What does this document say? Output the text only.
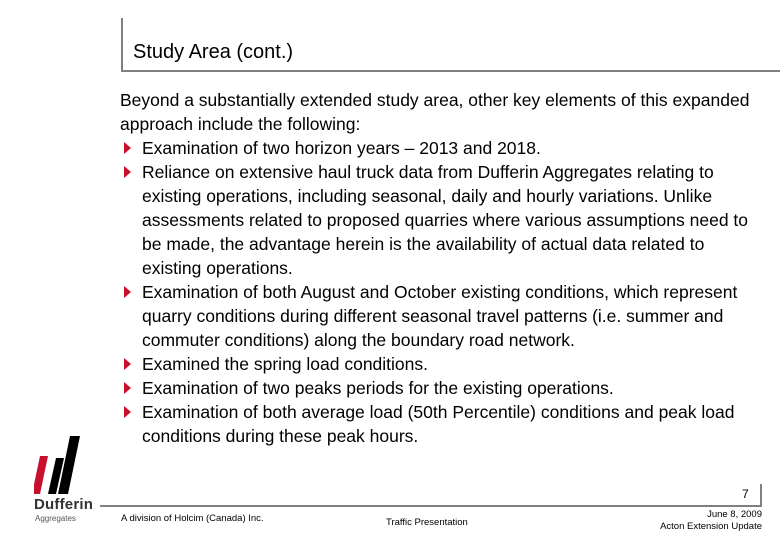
Study Area (cont.)

Beyond a substantially extended study area, other key elements of this expanded approach include the following:

Examination of two horizon years – 2013 and 2018.
Reliance on extensive haul truck data from Dufferin Aggregates relating to existing operations, including seasonal, daily and hourly variations. Unlike assessments related to proposed quarries where various assumptions need to be made, the advantage herein is the availability of actual data related to existing operations.
Examination of both August and October existing conditions, which represent quarry conditions during different seasonal travel patterns (i.e. summer and commuter conditions) along the boundary road network.
Examined the spring load conditions.
Examination of two peaks periods for the existing operations.
Examination of both average load (50th Percentile) conditions and peak load conditions during these peak hours.
Dufferin
Aggregates
7
A division of Holcim (Canada) Inc.	Traffic Presentation
June 8, 2009
Acton Extension Update
